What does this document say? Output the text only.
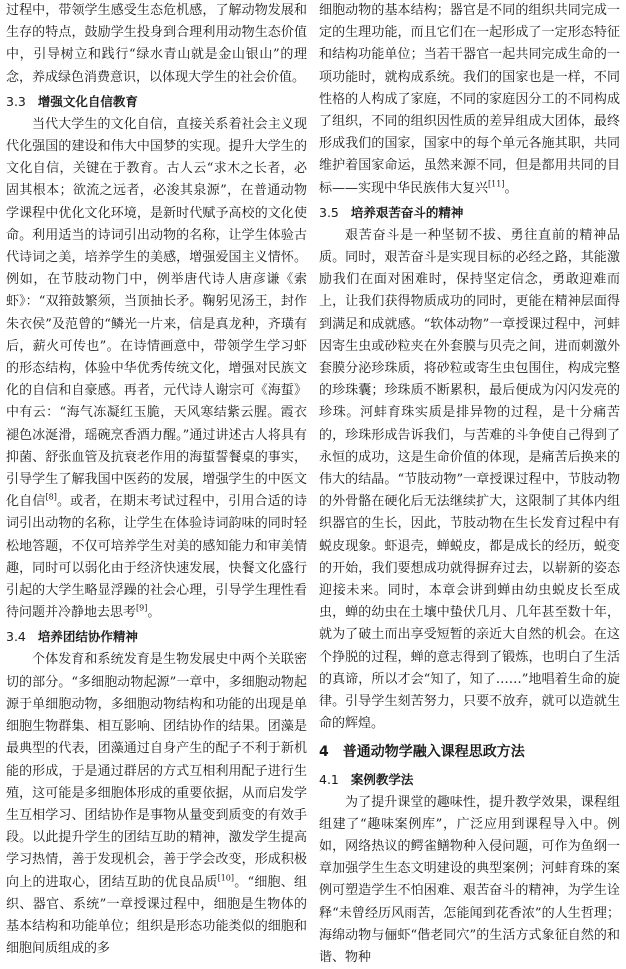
过程中，带领学生感受生态危机感，了解动物发展和生存的特点，鼓励学生投身到合理利用动物生态价值中，引导树立和践行“绿水青山就是金山银山”的理念，养成绿色消费意识，以体现大学生的社会价值。

3.3 增强文化自信教育

当代大学生的文化自信，直接关系着社会主义现代化强国的建设和伟大中国梦的实现。提升大学生的文化自信，关键在于教育。古人云“求木之长者，必固其根本；欲流之远者，必浚其泉源”，在普通动物学课程中优化文化环境，是新时代赋予高校的文化使命。利用适当的诗词引出动物的名称，让学生体验古代诗词之美，培养学生的美感，增强爱国主义情怀。例如，在节肢动物门中，例举唐代诗人唐彦谦《索虾》：“双箝鼓繁须，当顶抽长矛。鞠躬见汤王，封作朱衣侯”及范曾的“鳞光一片来，信是真龙种，齐璜有后，薪火可传也”。在诗情画意中，带领学生学习虾的形态结构，体验中华优秀传统文化，增强对民族文化的自信和自豪感。再者，元代诗人谢宗可《海蜇》中有云：“海气冻凝红玉脆，天风寒结紫云腥。霞衣褪色冰涎滑，瑶碗烹香酒力醒。”通过讲述古人将具有抑菌、舒张血管及抗衰老作用的海蜇誓餐桌的事实，引导学生了解我国中医药的发展，增强学生的中医文化自信[8]。或者，在期末考试过程中，引用合适的诗词引出动物的名称，让学生在体验诗词韵味的同时轻松地答题，不仅可培养学生对美的感知能力和审美情趣，同时可以弱化由于经济快速发展，快餐文化盛行引起的大学生略显浮躁的社会心理，引导学生理性看待问题并冷静地去思考[9]。

3.4 培养团结协作精神

个体发育和系统发育是生物发展史中两个关联密切的部分。“多细胞动物起源”一章中，多细胞动物起源于单细胞动物，多细胞动物结构和功能的出现是单细胞生物群集、相互影响、团结协作的结果。团藻是最典型的代表，团藻通过自身产生的配子不利于新机能的形成，于是通过群居的方式互相利用配子进行生殖，这可能是多细胞体形成的重要依据，从而启发学生互相学习、团结协作是事物从量变到质变的有效手段。以此提升学生的团结互助的精神，激发学生提高学习热情，善于发现机会，善于学会改变，形成积极向上的进取心，团结互助的优良品质[10]。“细胞、组织、器官、系统”一章授课过程中，细胞是生物体的基本结构和功能单位；组织是形态功能类似的细胞和细胞间质组成的多

细胞动物的基本结构；器官是不同的组织共同完成一定的生理功能，而且它们在一起形成了一定形态特征和结构功能单位；当若干器官一起共同完成生命的一项功能时，就构成系统。我们的国家也是一样，不同性格的人构成了家庭，不同的家庭因分工的不同构成了组织，不同的组织因性质的差异组成大团体，最终形成我们的国家，国家中的每个单元各施其职，共同维护着国家命运，虽然来源不同，但是都用共同的目标——实现中华民族伟大复兴[11]。

3.5 培养艰苦奋斗的精神

艰苦奋斗是一种坚韧不拔、勇往直前的精神品质。同时，艰苦奋斗是实现目标的必经之路，其能激励我们在面对困难时，保持坚定信念，勇敢迎难而上，让我们获得物质成功的同时，更能在精神层面得到满足和成就感。“软体动物”一章授课过程中，河蚌因寄生虫或砂粒夹在外套膜与贝壳之间，进而刺激外套膜分泌珍珠质，将砂粒或寄生虫包围住，构成完整的珍珠囊；珍珠质不断累积，最后便成为闪闪发亮的珍珠。河蚌育珠实质是排异物的过程，是十分痛苦的，珍珠形成告诉我们，与苦难的斗争使自己得到了永恒的成功，这是生命价值的体现，是痛苦后换来的伟大的结晶。“节肢动物”一章授课过程中，节肢动物的外骨骼在硬化后无法继续扩大，这限制了其体内组织器官的生长，因此，节肢动物在生长发育过程中有蜕皮现象。虾退壳，蝉蜕皮，都是成长的经历，蜕变的开始，我们要想成功就得摒弃过去，以崭新的姿态迎接未来。同时，本章会讲到蝉由幼虫蜕皮长至成虫，蝉的幼虫在土壤中蛰伏几月、几年甚至数十年，就为了破土而出享受短暂的亲近大自然的机会。在这个挣脱的过程，蝉的意志得到了锻炼，也明白了生活的真谛，所以才会“知了，知了……”地唱着生命的旋律。引导学生刻苦努力，只要不放弃，就可以造就生命的辉煌。

4 普通动物学融入课程思政方法
4.1 案例教学法

为了提升课堂的趣味性，提升教学效果，课程组组建了“趣味案例库”，广泛应用到课程导入中。例如，网络热议的鳄雀鳝物种入侵问题，可作为鱼纲一章加强学生生态文明建设的典型案例；河蚌育珠的案例可塑造学生不怕困难、艰苦奋斗的精神，为学生诠释“未曾经历风雨苦，怎能闻到花香浓”的人生哲理；海绵动物与俪虾“偕老同穴”的生活方式象征自然的和谐、物种
